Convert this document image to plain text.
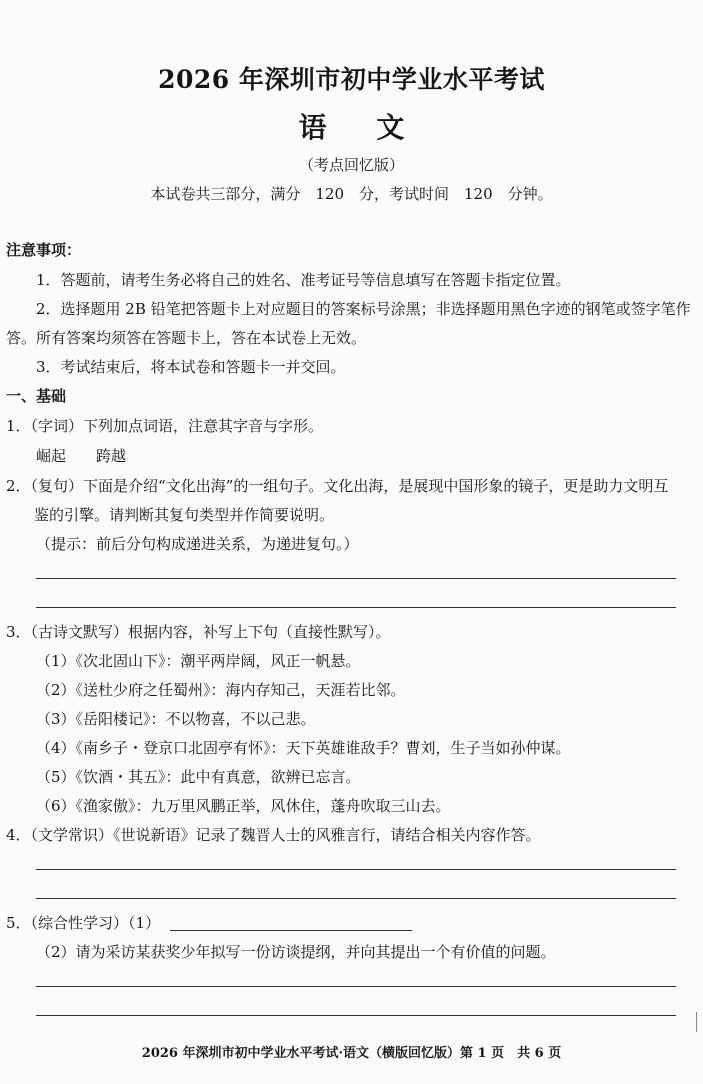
2026 年深圳市初中学业水平考试
语 文
（考点回忆版）
本试卷共三部分，满分　120　分，考试时间　120　分钟。
注意事项：
1．答题前，请考生务必将自己的姓名、准考证号等信息填写在答题卡指定位置。
2．选择题用 2B 铅笔把答题卡上对应题目的答案标号涂黑；非选择题用黑色字迹的钢笔或签字笔作
答。所有答案均须答在答题卡上，答在本试卷上无效。
3．考试结束后，将本试卷和答题卡一并交回。
一、基础
1．（字词）下列加点词语，注意其字音与字形。
崛起　　跨越
2．（复句）下面是介绍“文化出海”的一组句子。文化出海，是展现中国形象的镜子，更是助力文明互
鉴的引擎。请判断其复句类型并作简要说明。
（提示：前后分句构成递进关系，为递进复句。）
3．（古诗文默写）根据内容，补写上下句（直接性默写）。
（1）《次北固山下》：潮平两岸阔，风正一帆悬。
（2）《送杜少府之任蜀州》：海内存知己，天涯若比邻。
（3）《岳阳楼记》：不以物喜，不以己悲。
（4）《南乡子・登京口北固亭有怀》：天下英雄谁敌手？曹刘，生子当如孙仲谋。
（5）《饮酒・其五》：此中有真意，欲辨已忘言。
（6）《渔家傲》：九万里风鹏正举，风休住，蓬舟吹取三山去。
4．（文学常识）《世说新语》记录了魏晋人士的风雅言行，请结合相关内容作答。
5．（综合性学习）（1）
（2）请为采访某获奖少年拟写一份访谈提纲，并向其提出一个有价值的问题。
2026 年深圳市初中学业水平考试·语文（横版回忆版）第 1 页　共 6 页
